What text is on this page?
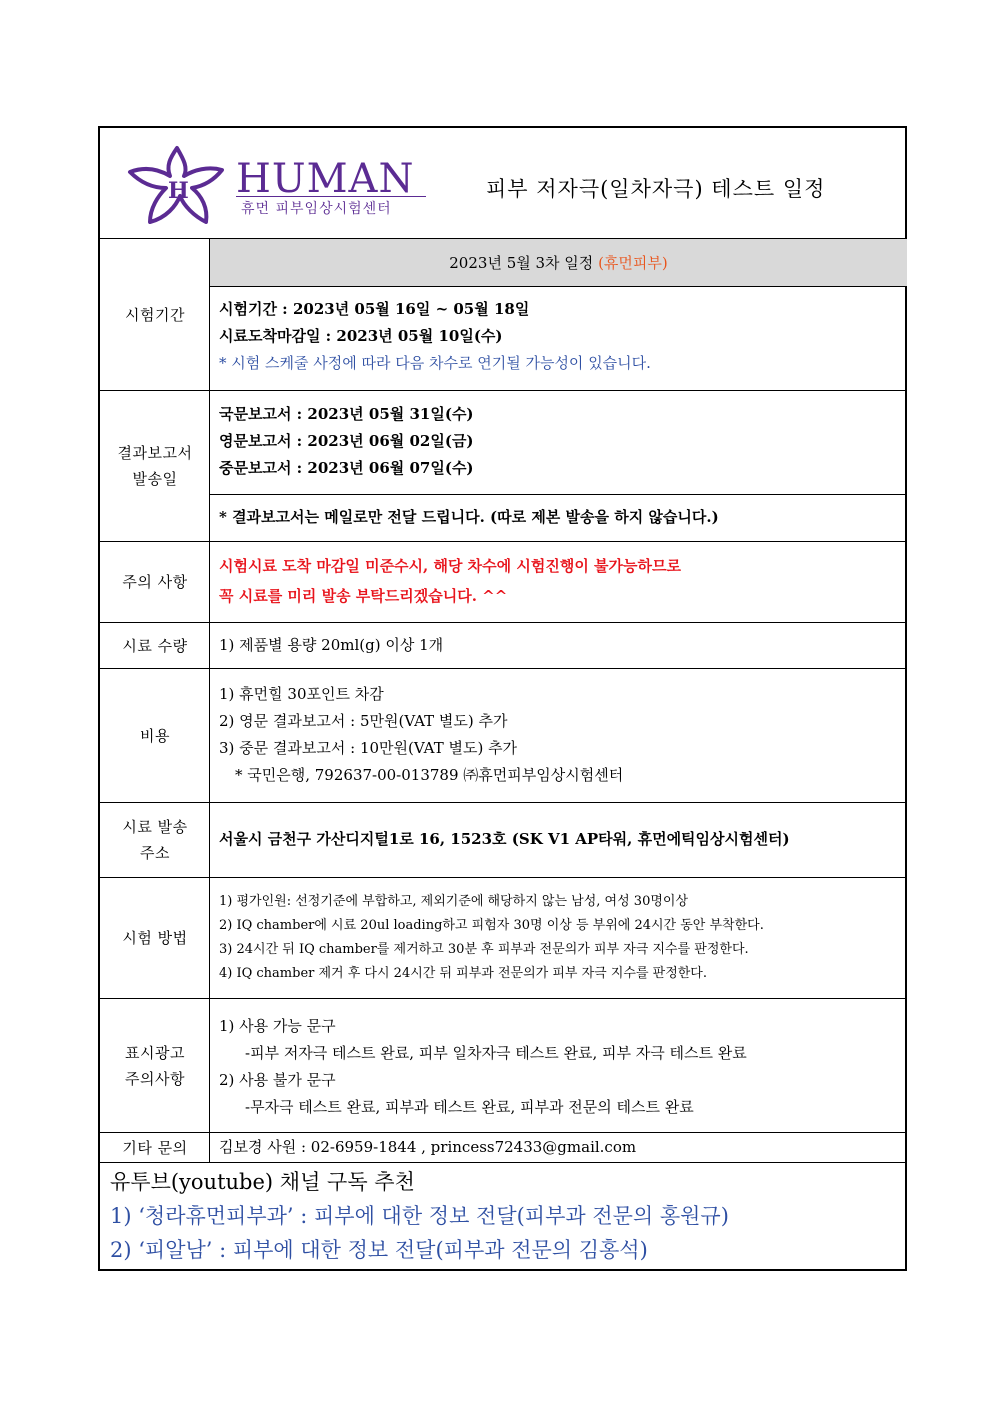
H HUMAN
휴먼 피부임상시험센터
피부 저자극(일차자극) 테스트 일정
시험기간
2023년 5월 3차 일정 (휴먼피부)
시험기간 : 2023년 05월 16일 ~ 05월 18일
시료도착마감일 : 2023년 05월 10일(수)
* 시험 스케줄 사정에 따라 다음 차수로 연기될 가능성이 있습니다.
결과보고서
발송일
국문보고서 : 2023년 05월 31일(수)
영문보고서 : 2023년 06월 02일(금)
중문보고서 : 2023년 06월 07일(수)
* 결과보고서는 메일로만 전달 드립니다. (따로 제본 발송을 하지 않습니다.)
주의 사항
시험시료 도착 마감일 미준수시, 해당 차수에 시험진행이 불가능하므로
꼭 시료를 미리 발송 부탁드리겠습니다. ^^
시료 수량	1) 제품별 용량 20ml(g) 이상 1개
비용
1) 휴먼힐 30포인트 차감
2) 영문 결과보고서 : 5만원(VAT 별도) 추가
3) 중문 결과보고서 : 10만원(VAT 별도) 추가
* 국민은행, 792637-00-013789 ㈜휴먼피부임상시험센터
시료 발송
주소
서울시 금천구 가산디지털1로 16, 1523호 (SK V1 AP타워, 휴먼에틱임상시험센터)
시험 방법
1) 평가인원: 선정기준에 부합하고, 제외기준에 해당하지 않는 남성, 여성 30명이상
2) IQ chamber에 시료 20ul loading하고 피험자 30명 이상 등 부위에 24시간 동안 부착한다.
3) 24시간 뒤 IQ chamber를 제거하고 30분 후 피부과 전문의가 피부 자극 지수를 판정한다.
4) IQ chamber 제거 후 다시 24시간 뒤 피부과 전문의가 피부 자극 지수를 판정한다.
표시광고
주의사항
1) 사용 가능 문구
-피부 저자극 테스트 완료, 피부 일차자극 테스트 완료, 피부 자극 테스트 완료
2) 사용 불가 문구
-무자극 테스트 완료, 피부과 테스트 완료, 피부과 전문의 테스트 완료
기타 문의	김보경 사원 : 02-6959-1844 , princess72433@gmail.com
유투브(youtube) 채널 구독 추천
1) ‘청라휴먼피부과’ : 피부에 대한 정보 전달(피부과 전문의 홍원규)
2) ‘피알남’ : 피부에 대한 정보 전달(피부과 전문의 김홍석)
